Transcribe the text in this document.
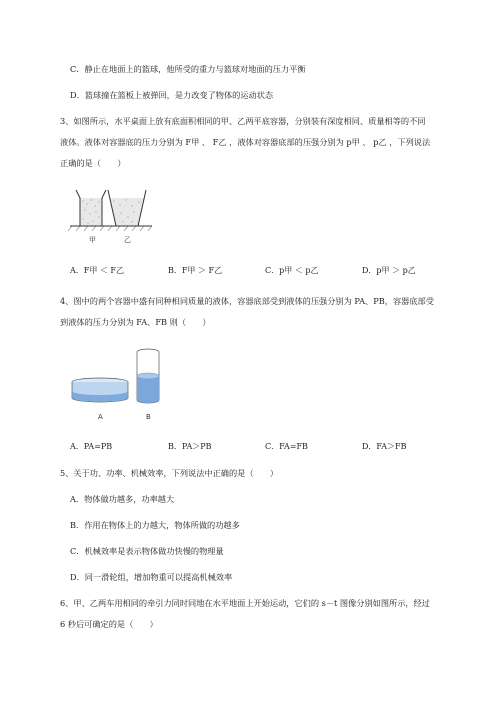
C．静止在地面上的篮球，他所受的重力与篮球对地面的压力平衡
D．篮球撞在篮板上被弹回，是力改变了物体的运动状态
3、如图所示，水平桌面上放有底面积相同的甲、乙两平底容器，分别装有深度相同、质量相等的不同
液体。液体对容器底的压力分别为 F甲 、 F乙 ，液体对容器底部的压强分别为 p甲 、 p乙 ，下列说法
正确的是（　　）
甲	乙
A．F甲 ＜ F乙	B．F甲 ＞ F乙	C．p甲 ＜ p乙	D．p甲 ＞ p乙
4、图中的两个容器中盛有同种相同质量的液体，容器底部受到液体的压强分别为 PA、PB，容器底部受
到液体的压力分别为 FA、FB 则（　　）
A	B
A．PA=PB	B．PA＞PB	C．FA=FB	D．FA＞FB
5、关于功、功率、机械效率，下列说法中正确的是（　　）
A．物体做功越多，功率越大
B．作用在物体上的力越大，物体所做的功越多
C．机械效率是表示物体做功快慢的物理量
D．同一滑轮组，增加物重可以提高机械效率
6、甲、乙两车用相同的牵引力同时同地在水平地面上开始运动，它们的 s－t 图像分别如图所示，经过
6 秒后可确定的是（　　）
